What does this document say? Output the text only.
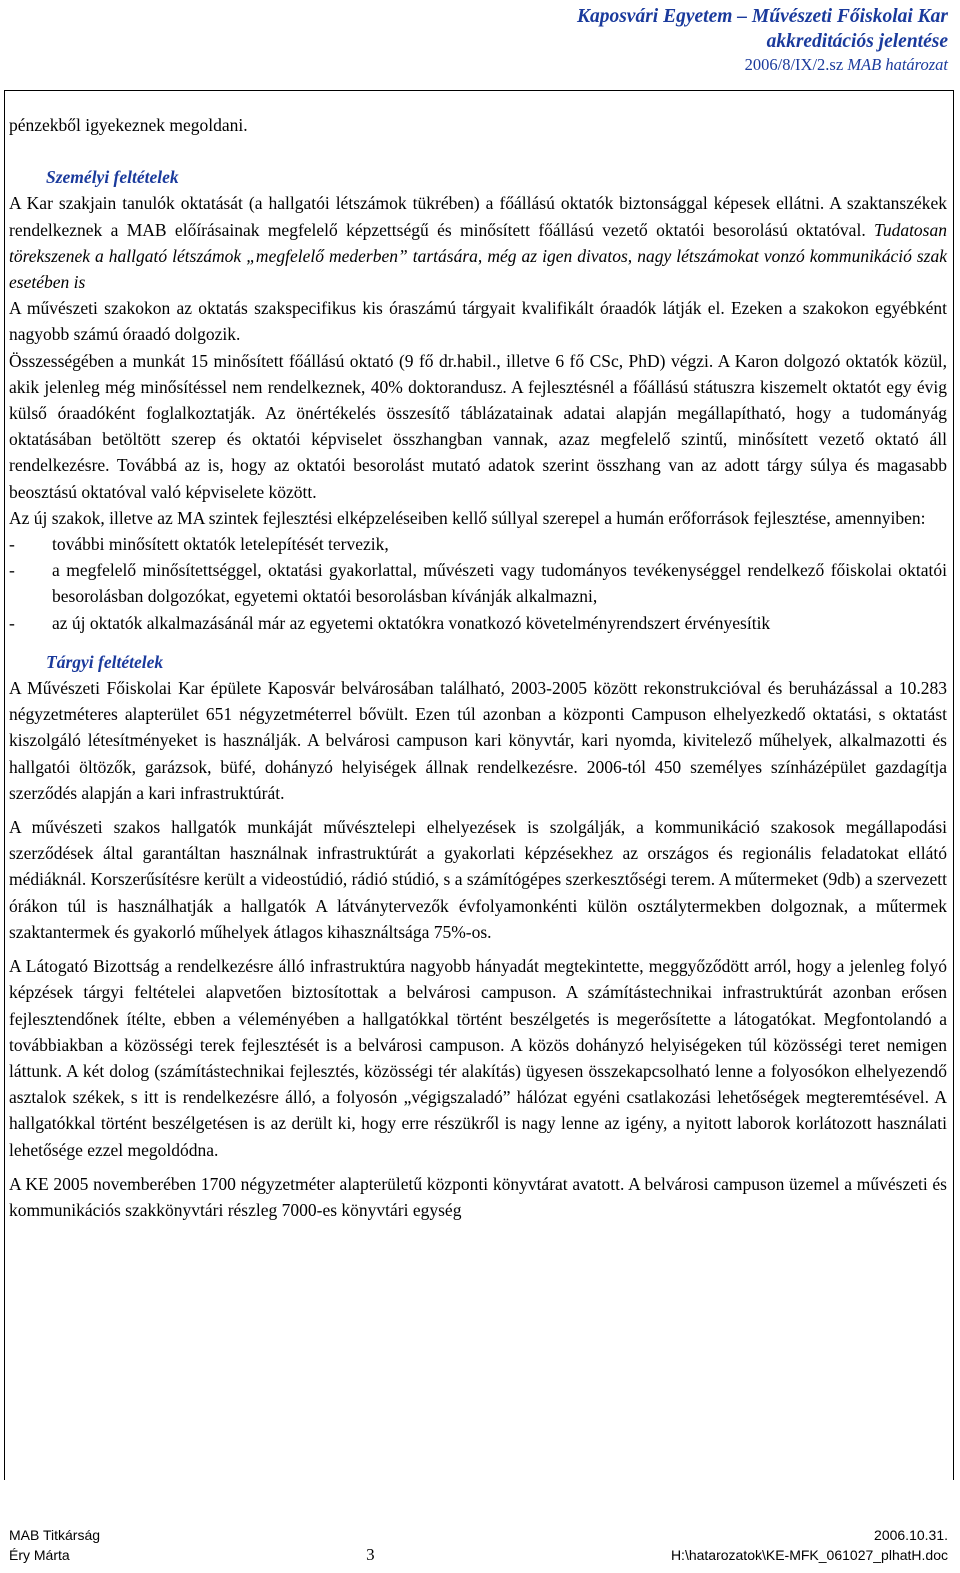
Kaposvári Egyetem – Művészeti Főiskolai Kar
akkreditációs jelentése
2006/8/IX/2.sz MAB határozat

pénzekből igyekeznek megoldani.

Személyi feltételek

A Kar szakjain tanulók oktatását (a hallgatói létszámok tükrében) a főállású oktatók biztonsággal képesek ellátni. A szaktanszékek rendelkeznek a MAB előírásainak megfelelő képzettségű és minősített főállású vezető oktatói besorolású oktatóval. Tudatosan törekszenek a hallgató létszámok „megfelelő mederben” tartására, még az igen divatos, nagy létszámokat vonzó kommunikáció szak esetében is

A művészeti szakokon az oktatás szakspecifikus kis óraszámú tárgyait kvalifikált óraadók látják el. Ezeken a szakokon egyébként nagyobb számú óraadó dolgozik.

Összességében a munkát 15 minősített főállású oktató (9 fő dr.habil., illetve 6 fő CSc, PhD) végzi. A Karon dolgozó oktatók közül, akik jelenleg még minősítéssel nem rendelkeznek, 40% doktorandusz. A fejlesztésnél a főállású státuszra kiszemelt oktatót egy évig külső óraadóként foglalkoztatják. Az önértékelés összesítő táblázatainak adatai alapján megállapítható, hogy a tudományág oktatásában betöltött szerep és oktatói képviselet összhangban vannak, azaz megfelelő szintű, minősített vezető oktató áll rendelkezésre. Továbbá az is, hogy az oktatói besorolást mutató adatok szerint összhang van az adott tárgy súlya és magasabb beosztású oktatóval való képviselete között.

Az új szakok, illetve az MA szintek fejlesztési elképzeléseiben kellő súllyal szerepel a humán erőforrások fejlesztése, amennyiben:

- további minősített oktatók letelepítését tervezik,
- a megfelelő minősítettséggel, oktatási gyakorlattal, művészeti vagy tudományos tevékenységgel rendelkező főiskolai oktatói besorolásban dolgozókat, egyetemi oktatói besorolásban kívánják alkalmazni,
- az új oktatók alkalmazásánál már az egyetemi oktatókra vonatkozó követelményrendszert érvényesítik

Tárgyi feltételek

A Művészeti Főiskolai Kar épülete Kaposvár belvárosában található, 2003-2005 között rekonstrukcióval és beruházással a 10.283 négyzetméteres alapterület 651 négyzetméterrel bővült. Ezen túl azonban a központi Campuson elhelyezkedő oktatási, s oktatást kiszolgáló létesítményeket is használják. A belvárosi campuson kari könyvtár, kari nyomda, kivitelező műhelyek, alkalmazotti és hallgatói öltözők, garázsok, büfé, dohányzó helyiségek állnak rendelkezésre. 2006-tól 450 személyes színházépület gazdagítja szerződés alapján a kari infrastruktúrát.

A művészeti szakos hallgatók munkáját művésztelepi elhelyezések is szolgálják, a kommunikáció szakosok megállapodási szerződések által garantáltan használnak infrastruktúrát a gyakorlati képzésekhez az országos és regionális feladatokat ellátó médiáknál. Korszerűsítésre került a videostúdió, rádió stúdió, s a számítógépes szerkesztőségi terem. A műtermeket (9db) a szervezett órákon túl is használhatják a hallgatók A látványtervezők évfolyamonkénti külön osztálytermekben dolgoznak, a műtermek szaktantermek és gyakorló műhelyek átlagos kihasználtsága 75%-os.

A Látogató Bizottság a rendelkezésre álló infrastruktúra nagyobb hányadát megtekintette, meggyőződött arról, hogy a jelenleg folyó képzések tárgyi feltételei alapvetően biztosítottak a belvárosi campuson. A számítástechnikai infrastruktúrát azonban erősen fejlesztendőnek ítélte, ebben a véleményében a hallgatókkal történt beszélgetés is megerősítette a látogatókat. Megfontolandó a továbbiakban a közösségi terek fejlesztését is a belvárosi campuson. A közös dohányzó helyiségeken túl közösségi teret nemigen láttunk. A két dolog (számítástechnikai fejlesztés, közösségi tér alakítás) ügyesen összekapcsolható lenne a folyosókon elhelyezendő asztalok székek, s itt is rendelkezésre álló, a folyosón „végigszaladó” hálózat egyéni csatlakozási lehetőségek megteremtésével. A hallgatókkal történt beszélgetésen is az derült ki, hogy erre részükről is nagy lenne az igény, a nyitott laborok korlátozott használati lehetősége ezzel megoldódna.

A KE 2005 novemberében 1700 négyzetméter alapterületű központi könyvtárat avatott. A belvárosi campuson üzemel a művészeti és kommunikációs szakkönyvtári részleg 7000-es könyvtári egység

MAB Titkárság	2006.10.31.
Éry Márta	3	H:\hatarozatok\KE-MFK_061027_plhatH.doc
